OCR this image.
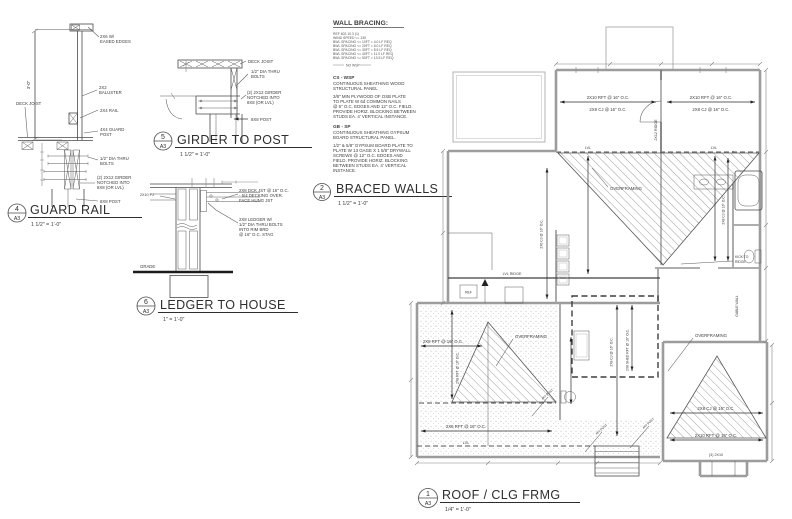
3'-0"
2X6 W/
EASED EDGES
2X2
BALUSTER
DECK JOIST
2X4 RAIL
4X4 GUARD
POST
1/2" DIA THRU
BOLTS
(2) 2X12 GIRDER
NOTCHED INTO
8X8 (OR LVL)
8X8 POST
4
A3
GUARD RAIL
1 1/2" = 1'-0"
DECK JOIST
1/2" DIA THRU
BOLTS
(2) 2X12 GIRDER
NOTCHED INTO
8X8 (OR LVL)
8X8 POST
5
A3 GIRDER TO POST
1 1/2" = 1'-0"
2X10 FJ
2X8 DCK JST @ 16" O.C.
- 5/4 DECKING OVER.
FACE HUNG JST
2X8 LEDGER W/
1/2" DIA THRU BOLTS
INTO RIM BRD
@ 16" O.C. STAG
GRADE
6
A3 LEDGER TO HOUSE
1" = 1'-0"
WALL BRACING:
REF 602.10.3 (1)
WIND SPEED <= 130
BWL SPACING <= 10FT = 4.0 LF REQ
BWL SPACING <= 20FT = 6.0 LF REQ
BWL SPACING <= 30FT = 8.5 LF REQ
BWL SPACING <= 40FT = 11.0 LF REQ
BWL SPACING <= 50FT = 13.5 LF REQ
NO WSP
CS - WSP
CONTINUOUS SHEATHING WOOD
STRUCTURAL PANEL
3/8" MIN PLYWOOD OF OSB PLATE
TO PLATE W 6d COMMON NAILS
@ 6" O.C. EDGES AND 12" O.C. FIELD.
PROVIDE HORIZ. BLOCKING BETWEEN
STUDS EA. 4' VERTICAL INSTANCE.
GB - SP
CONTINUOUS SHEATHING GYPSUM
BOARD STRUCTURAL PANEL.
1/2" & 5/8" GYPSUM BOARD PLATE TO
PLATE W 13 GAGE X 1 5/8" DRYWALL
SCREWS @ 12" O.C. EDGES AND
FIELD. PROVIDE HORIZ. BLOCKING
BETWEEN STUDS EA. 4' VERTICAL
INSTANCE.
2
A3
BRACED WALLS
1 1/2" = 1'-0"
REF
2X10 RFT @ 16" O.C.
2X8 CJ @ 16" O.C.
2X10 RFT @ 16" O.C.
2X8 CJ @ 16" O.C.
2X8 CJ @ 16" O.C.
2X10 RFT @ 16" O.C.
(3) 2X10
2X8 RFT @ 16" O.C.
2X8 RFT @ 16" O.C.
OVERFRAMING
OVERFRAMING	OVERFRAMING
KICK TO
RIDGE
LVL	LVL
LVL
LVL RIDGE
2X12 RIDGE
2X8 CJ @ 16" O.C.
2X8 CJ @ 16" O.C.	2X8 SHED RFT @ 16" O.C.
2X6 CJ @ 16" O.C.
2X8 RFT @ 16" O.C.
GABLE WALL
4X4 POST	4X4 POST
4X4 POST
1
A3
ROOF / CLG FRMG
1/4" = 1'-0"
